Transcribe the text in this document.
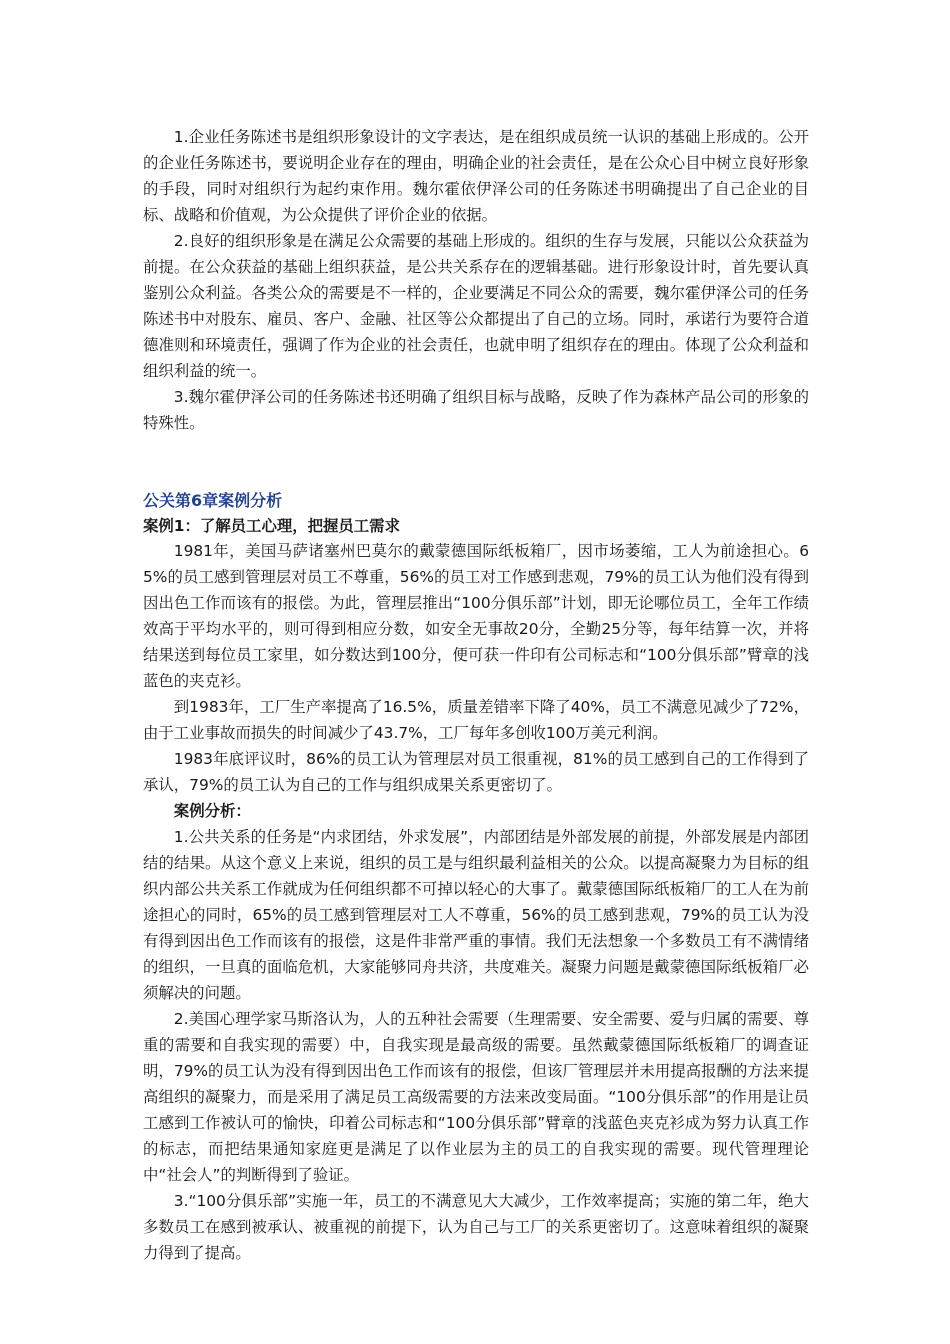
1.企业任务陈述书是组织形象设计的文字表达，是在组织成员统一认识的基础上形成的。公开的企业任务陈述书，要说明企业存在的理由，明确企业的社会责任，是在公众心目中树立良好形象的手段，同时对组织行为起约束作用。魏尔霍依伊泽公司的任务陈述书明确提出了自己企业的目标、战略和价值观，为公众提供了评价企业的依据。

2.良好的组织形象是在满足公众需要的基础上形成的。组织的生存与发展，只能以公众获益为前提。在公众获益的基础上组织获益，是公共关系存在的逻辑基础。进行形象设计时，首先要认真鉴别公众利益。各类公众的需要是不一样的，企业要满足不同公众的需要，魏尔霍伊泽公司的任务陈述书中对股东、雇员、客户、金融、社区等公众都提出了自己的立场。同时，承诺行为要符合道德准则和环境责任，强调了作为企业的社会责任，也就申明了组织存在的理由。体现了公众利益和组织利益的统一。

3.魏尔霍伊泽公司的任务陈述书还明确了组织目标与战略，反映了作为森林产品公司的形象的特殊性。

公关第6章案例分析
案例1：了解员工心理，把握员工需求

1981年，美国马萨诸塞州巴莫尔的戴蒙德国际纸板箱厂，因市场萎缩，工人为前途担心。65%的员工感到管理层对员工不尊重，56%的员工对工作感到悲观，79%的员工认为他们没有得到因出色工作而该有的报偿。为此，管理层推出“100分俱乐部”计划，即无论哪位员工，全年工作绩效高于平均水平的，则可得到相应分数，如安全无事故20分，全勤25分等，每年结算一次，并将结果送到每位员工家里，如分数达到100分，便可获一件印有公司标志和“100分俱乐部”臂章的浅蓝色的夹克衫。

到1983年，工厂生产率提高了16.5%，质量差错率下降了40%，员工不满意见减少了72%，由于工业事故而损失的时间减少了43.7%，工厂每年多创收100万美元利润。

1983年底评议时，86%的员工认为管理层对员工很重视，81%的员工感到自己的工作得到了承认，79%的员工认为自己的工作与组织成果关系更密切了。

案例分析：

1.公共关系的任务是“内求团结，外求发展”，内部团结是外部发展的前提，外部发展是内部团结的结果。从这个意义上来说，组织的员工是与组织最利益相关的公众。以提高凝聚力为目标的组织内部公共关系工作就成为任何组织都不可掉以轻心的大事了。戴蒙德国际纸板箱厂的工人在为前途担心的同时，65%的员工感到管理层对工人不尊重，56%的员工感到悲观，79%的员工认为没有得到因出色工作而该有的报偿，这是件非常严重的事情。我们无法想象一个多数员工有不满情绪的组织，一旦真的面临危机，大家能够同舟共济，共度难关。凝聚力问题是戴蒙德国际纸板箱厂必须解决的问题。

2.美国心理学家马斯洛认为，人的五种社会需要（生理需要、安全需要、爱与归属的需要、尊重的需要和自我实现的需要）中，自我实现是最高级的需要。虽然戴蒙德国际纸板箱厂的调查证明，79%的员工认为没有得到因出色工作而该有的报偿，但该厂管理层并未用提高报酬的方法来提高组织的凝聚力，而是采用了满足员工高级需要的方法来改变局面。“100分俱乐部”的作用是让员工感到工作被认可的愉快，印着公司标志和“100分俱乐部”臂章的浅蓝色夹克衫成为努力认真工作的标志，而把结果通知家庭更是满足了以作业层为主的员工的自我实现的需要。现代管理理论中“社会人”的判断得到了验证。

3.“100分俱乐部”实施一年，员工的不满意见大大减少，工作效率提高；实施的第二年，绝大多数员工在感到被承认、被重视的前提下，认为自己与工厂的关系更密切了。这意味着组织的凝聚力得到了提高。
